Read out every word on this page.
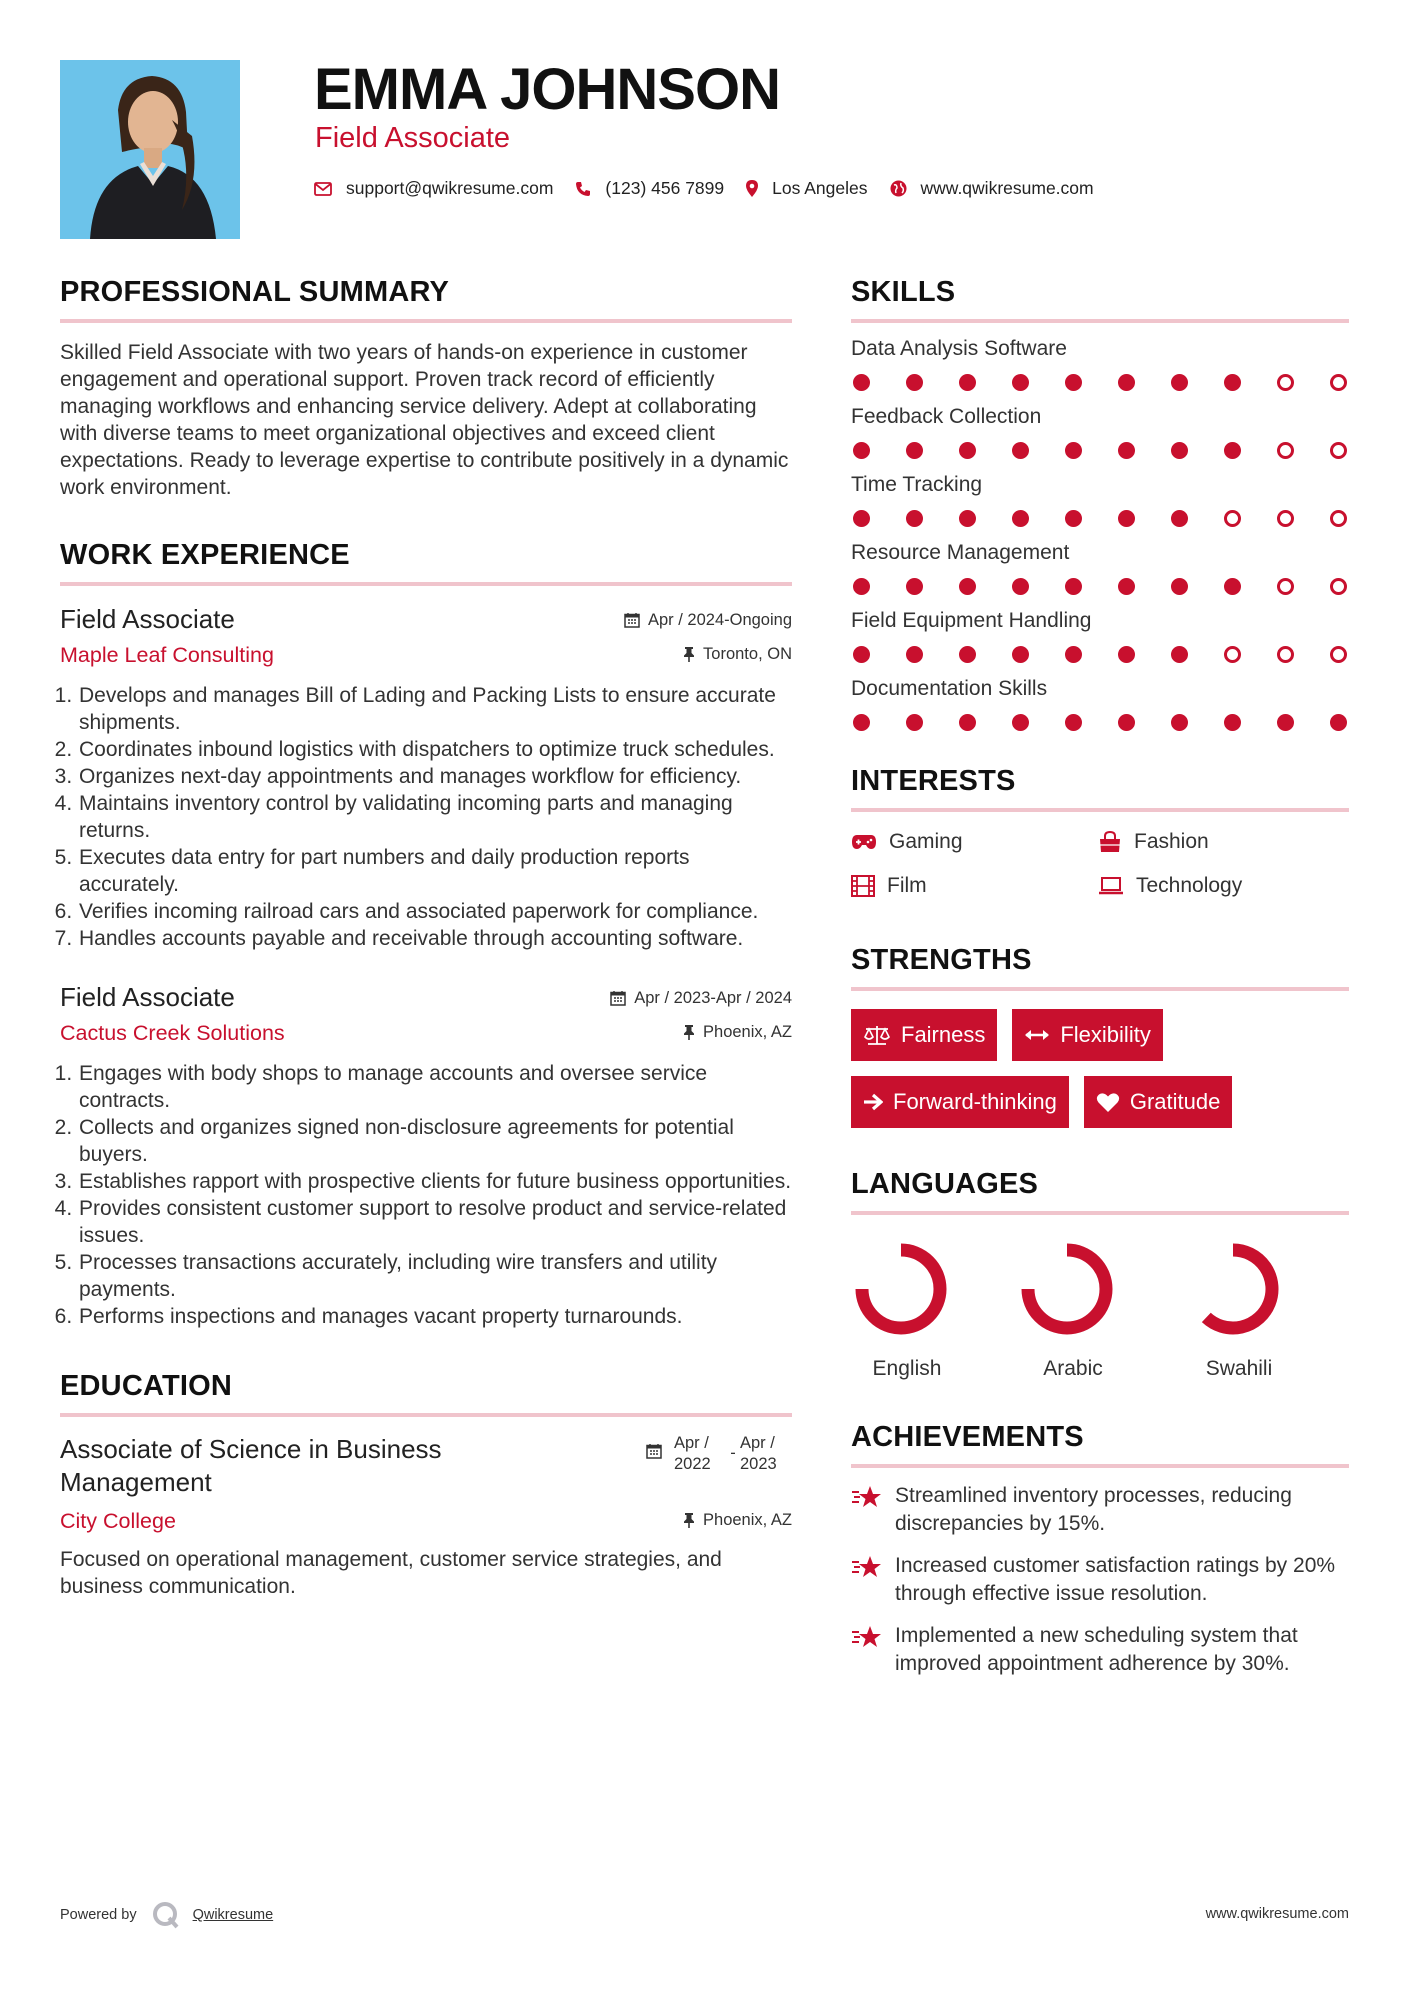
EMMA JOHNSON
Field Associate
support@qwikresume.com	(123) 456 7899	Los Angeles	www.qwikresume.com
PROFESSIONAL SUMMARY

Skilled Field Associate with two years of hands-on experience in customer engagement and operational support. Proven track record of efficiently managing workflows and enhancing service delivery. Adept at collaborating with diverse teams to meet organizational objectives and exceed client expectations. Ready to leverage expertise to contribute positively in a dynamic work environment.

WORK EXPERIENCE
Field Associate	Apr / 2024-Ongoing
Maple Leaf Consulting	Toronto, ON
1. Develops and manages Bill of Lading and Packing Lists to ensure accurate shipments.
2. Coordinates inbound logistics with dispatchers to optimize truck schedules.
3. Organizes next-day appointments and manages workflow for efficiency.
4. Maintains inventory control by validating incoming parts and managing returns.
5. Executes data entry for part numbers and daily production reports accurately.
6. Verifies incoming railroad cars and associated paperwork for compliance.
7. Handles accounts payable and receivable through accounting software.
Field Associate	Apr / 2023-Apr / 2024
Cactus Creek Solutions	Phoenix, AZ
1. Engages with body shops to manage accounts and oversee service contracts.
2. Collects and organizes signed non-disclosure agreements for potential buyers.
3. Establishes rapport with prospective clients for future business opportunities.
4. Provides consistent customer support to resolve product and service-related issues.
5. Processes transactions accurately, including wire transfers and utility payments.
6. Performs inspections and manages vacant property turnarounds.
EDUCATION
Associate of Science in Business Management
Apr / 2022
-
Apr / 2023
City College	Phoenix, AZ

Focused on operational management, customer service strategies, and business communication.

SKILLS
Data Analysis Software
Feedback Collection
Time Tracking
Resource Management
Field Equipment Handling
Documentation Skills
INTERESTS
Gaming	Fashion
Film	Technology
STRENGTHS
Fairness	Flexibility
Forward-thinking	Gratitude
LANGUAGES
English	Arabic	Swahili
ACHIEVEMENTS
Streamlined inventory processes, reducing discrepancies by 15%.
Increased customer satisfaction ratings by 20% through effective issue resolution.
Implemented a new scheduling system that improved appointment adherence by 30%.
Powered by	Qwikresume	www.qwikresume.com
